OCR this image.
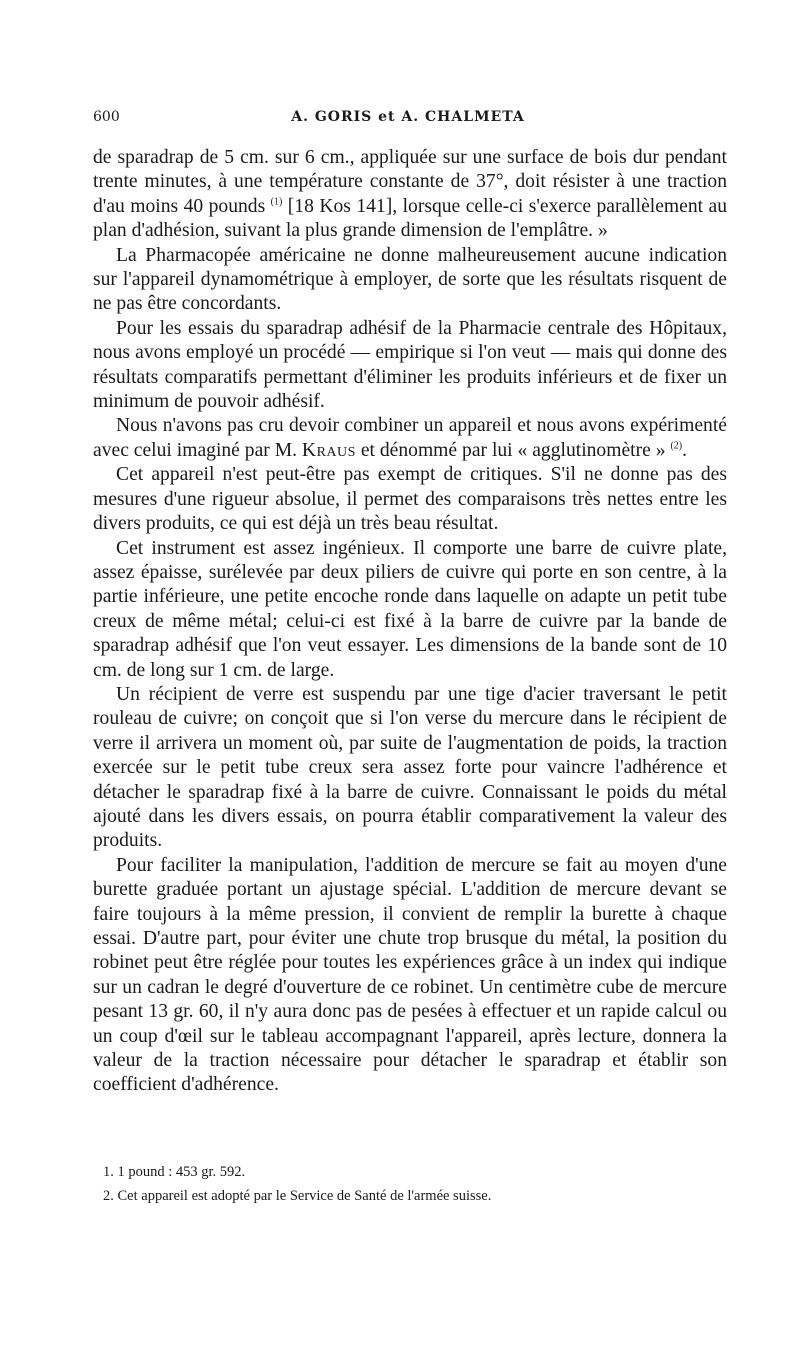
600	A. GORIS et A. CHALMETA

de sparadrap de 5 cm. sur 6 cm., appliquée sur une surface de bois dur pendant trente minutes, à une température constante de 37°, doit résister à une traction d'au moins 40 pounds $^{(1)}$ [18 Kos 141], lorsque celle-ci s'exerce parallèlement au plan d'adhésion, suivant la plus grande dimension de l'emplâtre. »

La Pharmacopée américaine ne donne malheureusement aucune indication sur l'appareil dynamométrique à employer, de sorte que les résultats risquent de ne pas être concordants.

Pour les essais du sparadrap adhésif de la Pharmacie centrale des Hôpitaux, nous avons employé un procédé — empirique si l'on veut — mais qui donne des résultats comparatifs permettant d'éliminer les produits inférieurs et de fixer un minimum de pouvoir adhésif.

Nous n'avons pas cru devoir combiner un appareil et nous avons expérimenté avec celui imaginé par M. Kraus et dénommé par lui « agglutinomètre » $^{(2)}$.

Cet appareil n'est peut-être pas exempt de critiques. S'il ne donne pas des mesures d'une rigueur absolue, il permet des comparaisons très nettes entre les divers produits, ce qui est déjà un très beau résultat.

Cet instrument est assez ingénieux. Il comporte une barre de cuivre plate, assez épaisse, surélevée par deux piliers de cuivre qui porte en son centre, à la partie inférieure, une petite encoche ronde dans laquelle on adapte un petit tube creux de même métal; celui-ci est fixé à la barre de cuivre par la bande de sparadrap adhésif que l'on veut essayer. Les dimensions de la bande sont de 10 cm. de long sur 1 cm. de large.

Un récipient de verre est suspendu par une tige d'acier traversant le petit rouleau de cuivre; on conçoit que si l'on verse du mercure dans le récipient de verre il arrivera un moment où, par suite de l'augmentation de poids, la traction exercée sur le petit tube creux sera assez forte pour vaincre l'adhérence et détacher le sparadrap fixé à la barre de cuivre. Connaissant le poids du métal ajouté dans les divers essais, on pourra établir comparativement la valeur des produits.

Pour faciliter la manipulation, l'addition de mercure se fait au moyen d'une burette graduée portant un ajustage spécial. L'addition de mercure devant se faire toujours à la même pression, il convient de remplir la burette à chaque essai. D'autre part, pour éviter une chute trop brusque du métal, la position du robinet peut être réglée pour toutes les expériences grâce à un index qui indique sur un cadran le degré d'ouverture de ce robinet. Un centimètre cube de mercure pesant 13 gr. 60, il n'y aura donc pas de pesées à effectuer et un rapide calcul ou un coup d'œil sur le tableau accompagnant l'appareil, après lecture, donnera la valeur de la traction nécessaire pour détacher le sparadrap et établir son coefficient d'adhérence.

1. 1 pound : 453 gr. 592.

2. Cet appareil est adopté par le Service de Santé de l'armée suisse.
